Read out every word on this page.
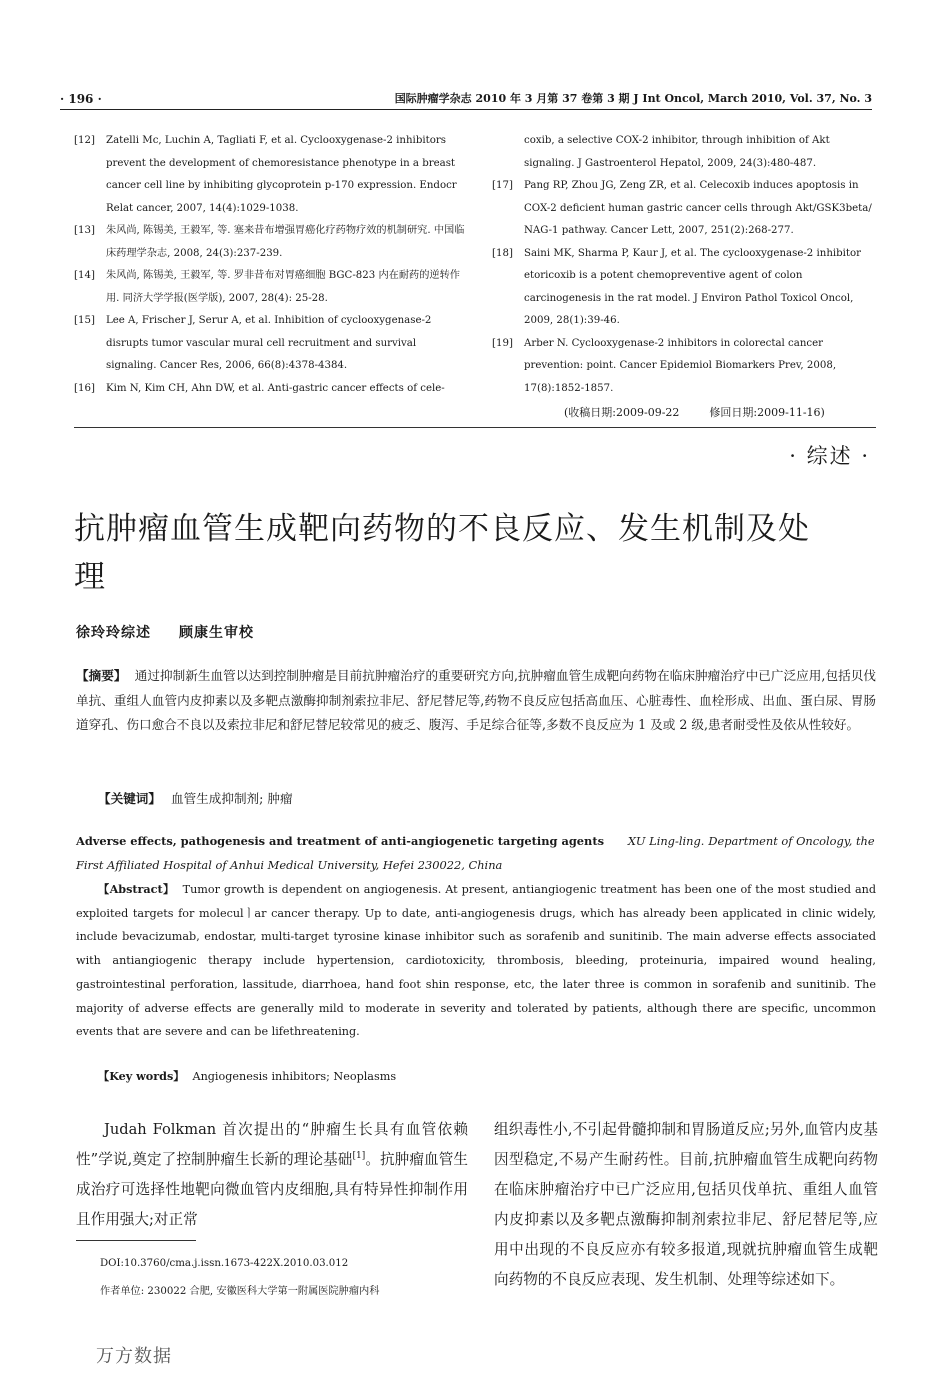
· 196 ·	国际肿瘤学杂志 2010 年 3 月第 37 卷第 3 期 J Int Oncol, March 2010, Vol. 37, No. 3

[12] Zatelli Mc, Luchin A, Tagliati F, et al. Cyclooxygenase-2 inhibitors prevent the development of chemoresistance phenotype in a breast cancer cell line by inhibiting glycoprotein p-170 expression. Endocr Relat cancer, 2007, 14(4):1029-1038.

[13] 朱风尚, 陈锡美, 王毅军, 等. 塞来昔布增强胃癌化疗药物疗效的机制研究. 中国临床药理学杂志, 2008, 24(3):237-239.

[14] 朱风尚, 陈锡美, 王毅军, 等. 罗非昔布对胃癌细胞 BGC-823 内在耐药的逆转作用. 同济大学学报(医学版), 2007, 28(4): 25-28.

[15] Lee A, Frischer J, Serur A, et al. Inhibition of cyclooxygenase-2 disrupts tumor vascular mural cell recruitment and survival signaling. Cancer Res, 2006, 66(8):4378-4384.

[16] Kim N, Kim CH, Ahn DW, et al. Anti-gastric cancer effects of cele-

coxib, a selective COX-2 inhibitor, through inhibition of Akt signaling. J Gastroenterol Hepatol, 2009, 24(3):480-487.

[17] Pang RP, Zhou JG, Zeng ZR, et al. Celecoxib induces apoptosis in COX-2 deficient human gastric cancer cells through Akt/GSK3beta/ NAG-1 pathway. Cancer Lett, 2007, 251(2):268-277.

[18] Saini MK, Sharma P, Kaur J, et al. The cyclooxygenase-2 inhibitor etoricoxib is a potent chemopreventive agent of colon carcinogenesis in the rat model. J Environ Pathol Toxicol Oncol, 2009, 28(1):39-46.

[19] Arber N. Cyclooxygenase-2 inhibitors in colorectal cancer prevention: point. Cancer Epidemiol Biomarkers Prev, 2008, 17(8):1852-1857.

(收稿日期:2009-09-22	修回日期:2009-11-16)
· 综述 ·
抗肿瘤血管生成靶向药物的不良反应、发生机制及处理
徐玲玲综述 顾康生审校
【摘要】 通过抑制新生血管以达到控制肿瘤是目前抗肿瘤治疗的重要研究方向,抗肿瘤血管生成靶向药物在临床肿瘤治疗中已广泛应用,包括贝伐单抗、重组人血管内皮抑素以及多靶点激酶抑制剂索拉非尼、舒尼替尼等,药物不良反应包括高血压、心脏毒性、血栓形成、出血、蛋白尿、胃肠道穿孔、伤口愈合不良以及索拉非尼和舒尼替尼较常见的疲乏、腹泻、手足综合征等,多数不良反应为 1 及或 2 级,患者耐受性及依从性较好。
【关键词】 血管生成抑制剂; 肿瘤
Adverse effects, pathogenesis and treatment of anti-angiogenetic targeting agents XU Ling-ling. Department of Oncology, the First Affiliated Hospital of Anhui Medical University, Hefei 230022, China
【Abstract】 Tumor growth is dependent on angiogenesis. At present, antiangiogenic treatment has been one of the most studied and exploited targets for moleculㅣar cancer therapy. Up to date, anti-angiogenesis drugs, which has already been applicated in clinic widely, include bevacizumab, endostar, multi-target tyrosine kinase inhibitor such as sorafenib and sunitinib. The main adverse effects associated with antiangiogenic therapy include hypertension, cardiotoxicity, thrombosis, bleeding, proteinuria, impaired wound healing, gastrointestinal perforation, lassitude, diarrhoea, hand foot shin response, etc, the later three is common in sorafenib and sunitinib. The majority of adverse effects are generally mild to moderate in severity and tolerated by patients, although there are specific, uncommon events that are severe and can be lifethreatening.
【Key words】 Angiogenesis inhibitors; Neoplasms

Judah Folkman 首次提出的“肿瘤生长具有血管依赖性”学说,奠定了控制肿瘤生长新的理论基础[1]。抗肿瘤血管生成治疗可选择性地靶向微血管内皮细胞,具有特异性抑制作用且作用强大;对正常

组织毒性小,不引起骨髓抑制和胃肠道反应;另外,血管内皮基因型稳定,不易产生耐药性。目前,抗肿瘤血管生成靶向药物在临床肿瘤治疗中已广泛应用,包括贝伐单抗、重组人血管内皮抑素以及多靶点激酶抑制剂索拉非尼、舒尼替尼等,应用中出现的不良反应亦有较多报道,现就抗肿瘤血管生成靶向药物的不良反应表现、发生机制、处理等综述如下。

DOI:10.3760/cma.j.issn.1673-422X.2010.03.012
作者单位: 230022 合肥, 安徽医科大学第一附属医院肿瘤内科
万方数据
